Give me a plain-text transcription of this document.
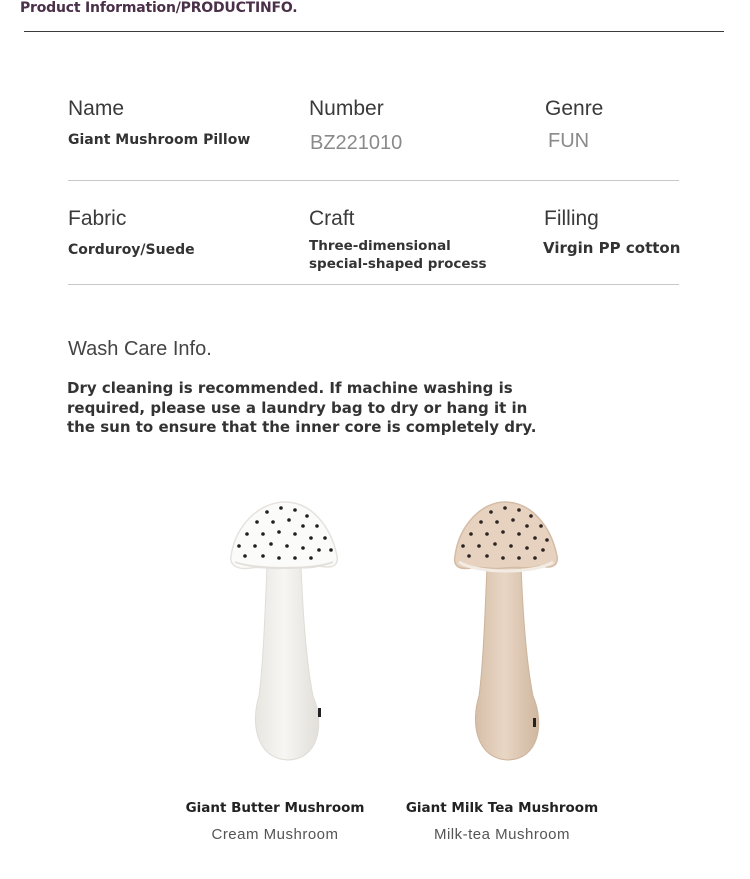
Product Information/PRODUCTINFO.
Name
Giant Mushroom Pillow
Number
BZ221010
Genre
FUN
Fabric
Corduroy/Suede
Craft
Three-dimensional
special-shaped process
Filling
Virgin PP cotton
Wash Care Info.
Dry cleaning is recommended. If machine washing is required, please use a laundry bag to dry or hang it in the sun to ensure that the inner core is completely dry.
Giant Butter Mushroom
Cream Mushroom
Giant Milk Tea Mushroom
Milk-tea Mushroom
